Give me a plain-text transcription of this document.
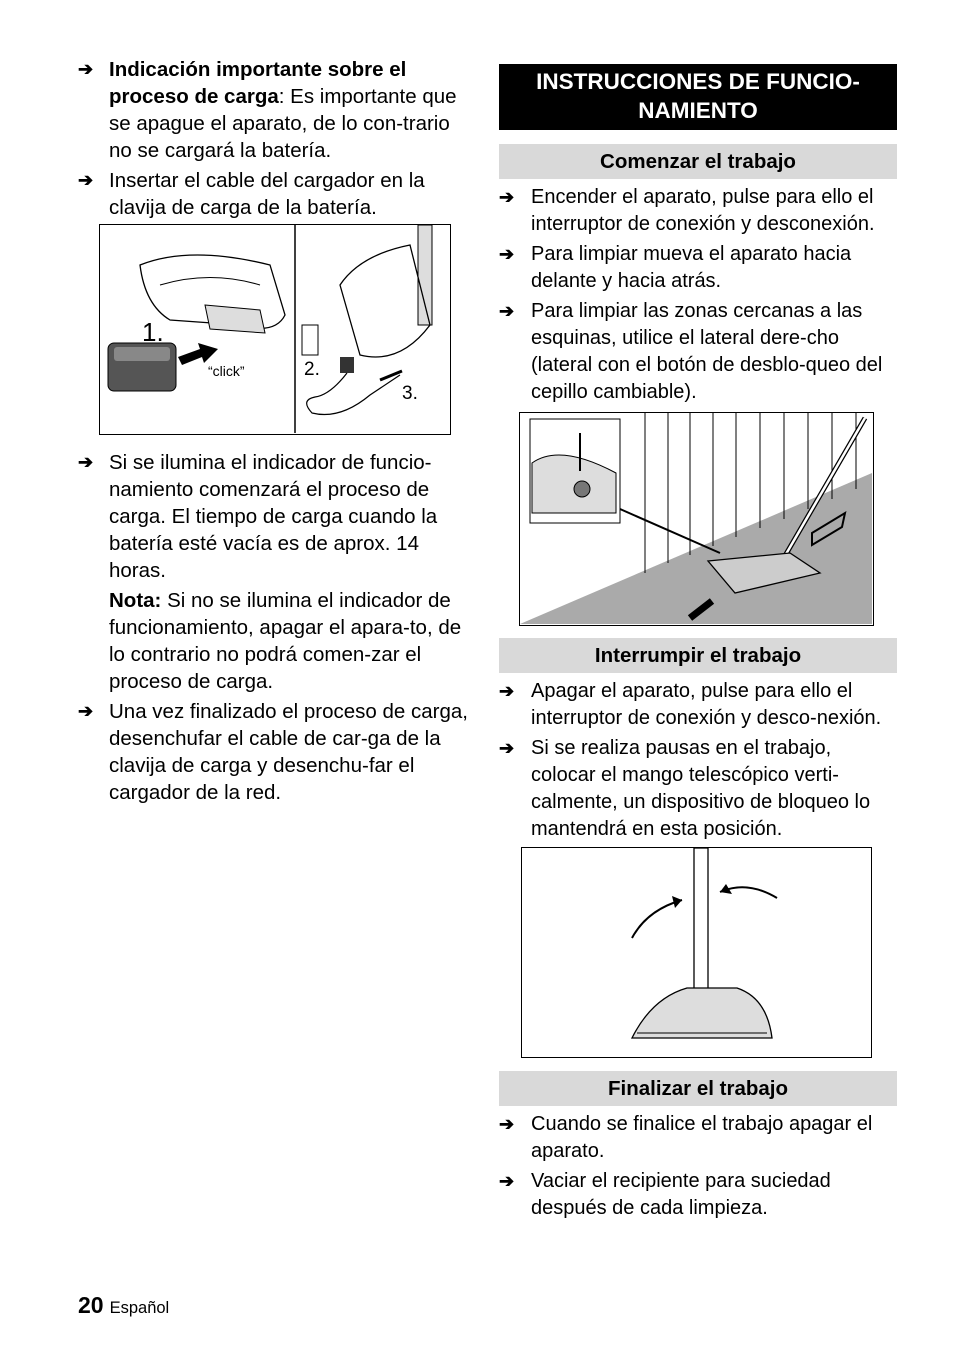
➔ Indicación importante sobre el proceso de carga: Es importante que se apague el aparato, de lo con-trario no se cargará la batería.

➔ Insertar el cable del cargador en la clavija de carga de la batería.

1.
“click”	2.
3.

➔ Si se ilumina el indicador de funcio-namiento comenzará el proceso de carga. El tiempo de carga cuando la batería esté vacía es de aprox. 14 horas.

Nota: Si no se ilumina el indicador de funcionamiento, apagar el apara-to, de lo contrario no podrá comen-zar el proceso de carga.

➔ Una vez finalizado el proceso de carga, desenchufar el cable de car-ga de la clavija de carga y desenchu-far el cargador de la red.

INSTRUCCIONES DE FUNCIO-NAMIENTO
Comenzar el trabajo

➔ Encender el aparato, pulse para ello el interruptor de conexión y desconexión.

➔ Para limpiar mueva el aparato hacia delante y hacia atrás.

➔ Para limpiar las zonas cercanas a las esquinas, utilice el lateral dere-cho (lateral con el botón de desblo-queo del cepillo cambiable).

Interrumpir el trabajo

➔ Apagar el aparato, pulse para ello el interruptor de conexión y desco-nexión.

➔ Si se realiza pausas en el trabajo, colocar el mango telescópico verti-calmente, un dispositivo de bloqueo lo mantendrá en esta posición.

Finalizar el trabajo

➔ Cuando se finalice el trabajo apagar el aparato.

➔ Vaciar el recipiente para suciedad después de cada limpieza.

20 Español
